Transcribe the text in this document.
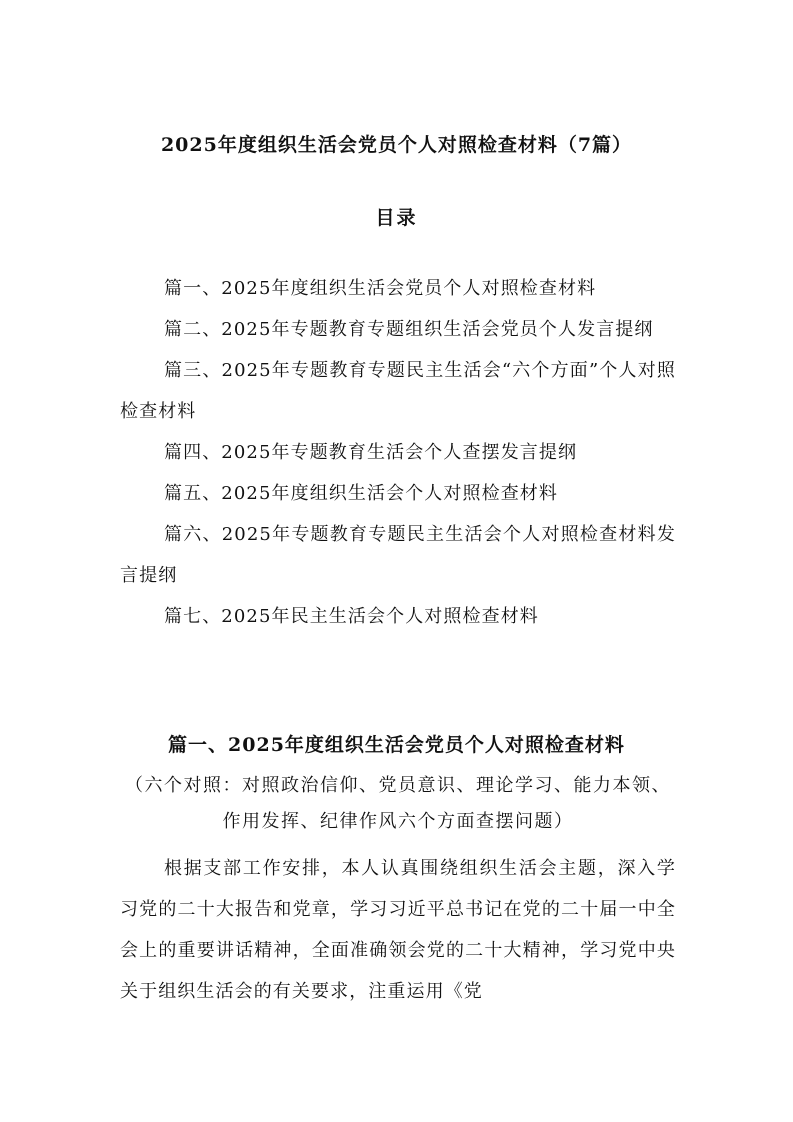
2025年度组织生活会党员个人对照检查材料（7篇）
目录
篇一、2025年度组织生活会党员个人对照检查材料
篇二、2025年专题教育专题组织生活会党员个人发言提纲
篇三、2025年专题教育专题民主生活会“六个方面”个人对照检查材料
篇四、2025年专题教育生活会个人查摆发言提纲
篇五、2025年度组织生活会个人对照检查材料
篇六、2025年专题教育专题民主生活会个人对照检查材料发言提纲
篇七、2025年民主生活会个人对照检查材料
篇一、2025年度组织生活会党员个人对照检查材料
（六个对照：对照政治信仰、党员意识、理论学习、能力本领、作用发挥、纪律作风六个方面查摆问题）
根据支部工作安排，本人认真围绕组织生活会主题，深入学习党的二十大报告和党章，学习习近平总书记在党的二十届一中全会上的重要讲话精神，全面准确领会党的二十大精神，学习党中央关于组织生活会的有关要求，注重运用《党
